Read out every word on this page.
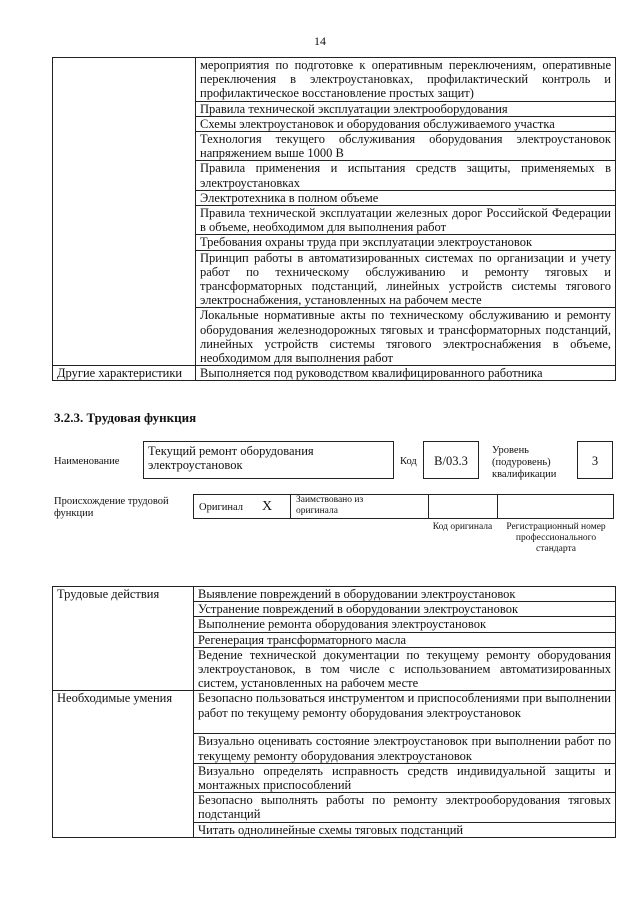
14
	мероприятия по подготовке к оперативным переключениям, оперативные переключения в электроустановках, профилактический контроль и профилактическое восстановление простых защит)
	Правила технической эксплуатации электрооборудования
	Схемы электроустановок и оборудования обслуживаемого участка
	Технология текущего обслуживания оборудования электроустановок напряжением выше 1000 В
	Правила применения и испытания средств защиты, применяемых в электроустановках
	Электротехника в полном объеме
	Правила технической эксплуатации железных дорог Российской Федерации в объеме, необходимом для выполнения работ
	Требования охраны труда при эксплуатации электроустановок
	Принцип работы в автоматизированных системах по организации и учету работ по техническому обслуживанию и ремонту тяговых и трансформаторных подстанций, линейных устройств системы тягового электроснабжения, установленных на рабочем месте
	Локальные нормативные акты по техническому обслуживанию и ремонту оборудования железнодорожных тяговых и трансформаторных подстанций, линейных устройств системы тягового электроснабжения в объеме, необходимом для выполнения работ
Другие характеристики	Выполняется под руководством квалифицированного работника
3.2.3. Трудовая функция
Наименование
Текущий ремонт оборудования электроустановок	Код	B/03.3
Уровень (подуровень) квалификации
3
Происхождение трудовой функции
Оригинал X	Заимствовано из оригинала
Код оригинала	Регистрационный номер профессионального стандарта
Трудовые действия	Выявление повреждений в оборудовании электроустановок
	Устранение повреждений в оборудовании электроустановок
	Выполнение ремонта оборудования электроустановок
	Регенерация трансформаторного масла
	Ведение технической документации по текущему ремонту оборудования электроустановок, в том числе с использованием автоматизированных систем, установленных на рабочем месте
Необходимые умения	Безопасно пользоваться инструментом и приспособлениями при выполнении работ по текущему ремонту оборудования электроустановок
	Визуально оценивать состояние электроустановок при выполнении работ по текущему ремонту оборудования электроустановок
	Визуально определять исправность средств индивидуальной защиты и монтажных приспособлений
	Безопасно выполнять работы по ремонту электрооборудования тяговых подстанций
	Читать однолинейные схемы тяговых подстанций
